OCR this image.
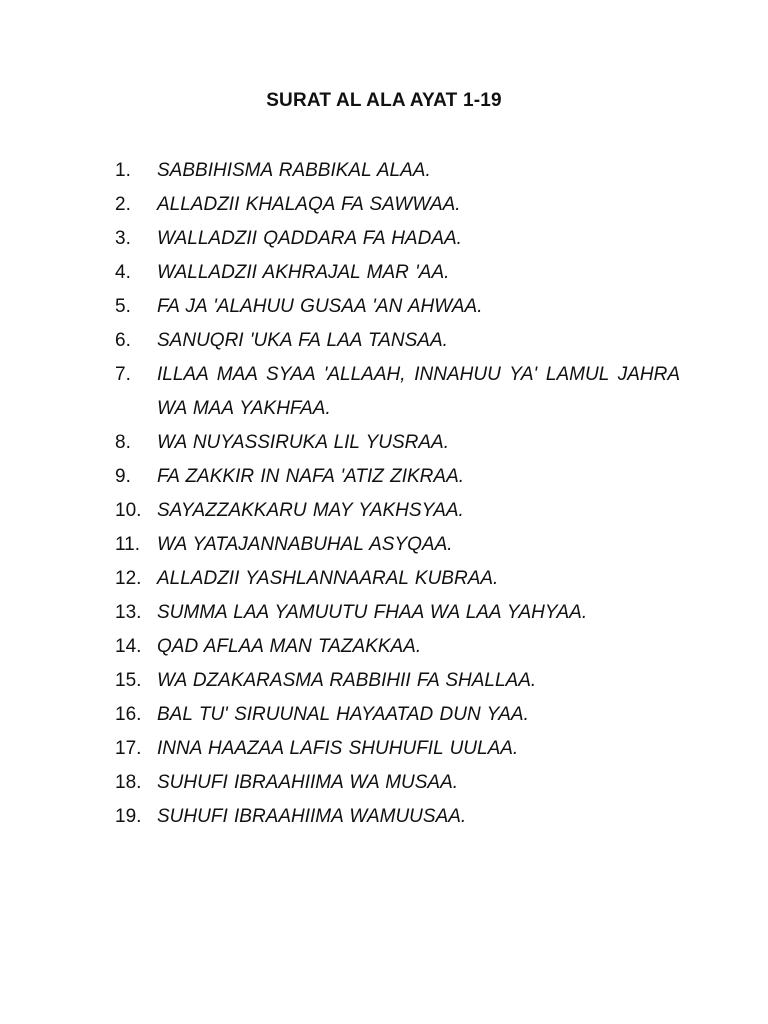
SURAT AL ALA AYAT 1-19
1.	SABBIHISMA RABBIKAL ALAA.
2.	ALLADZII KHALAQA FA SAWWAA.
3.	WALLADZII QADDARA FA HADAA.
4.	WALLADZII AKHRAJAL MAR 'AA.
5.	FA JA 'ALAHUU GUSAA 'AN AHWAA.
6.	SANUQRI 'UKA FA LAA TANSAA.
7.	ILLAA MAA SYAA 'ALLAAH, INNAHUU YA' LAMUL JAHRA WA MAA YAKHFAA.
8.	WA NUYASSIRUKA LIL YUSRAA.
9.	FA ZAKKIR IN NAFA 'ATIZ ZIKRAA.
10. SAYAZZAKKARU MAY YAKHSYAA.
11. WA YATAJANNABUHAL ASYQAA.
12. ALLADZII YASHLANNAARAL KUBRAA.
13. SUMMA LAA YAMUUTU FHAA WA LAA YAHYAA.
14. QAD AFLAA MAN TAZAKKAA.
15. WA DZAKARASMA RABBIHII FA SHALLAA.
16. BAL TU' SIRUUNAL HAYAATAD DUN YAA.
17. INNA HAAZAA LAFIS SHUHUFIL UULAA.
18. SUHUFI IBRAAHIIMA WA MUSAA.
19. SUHUFI IBRAAHIIMA WAMUUSAA.
